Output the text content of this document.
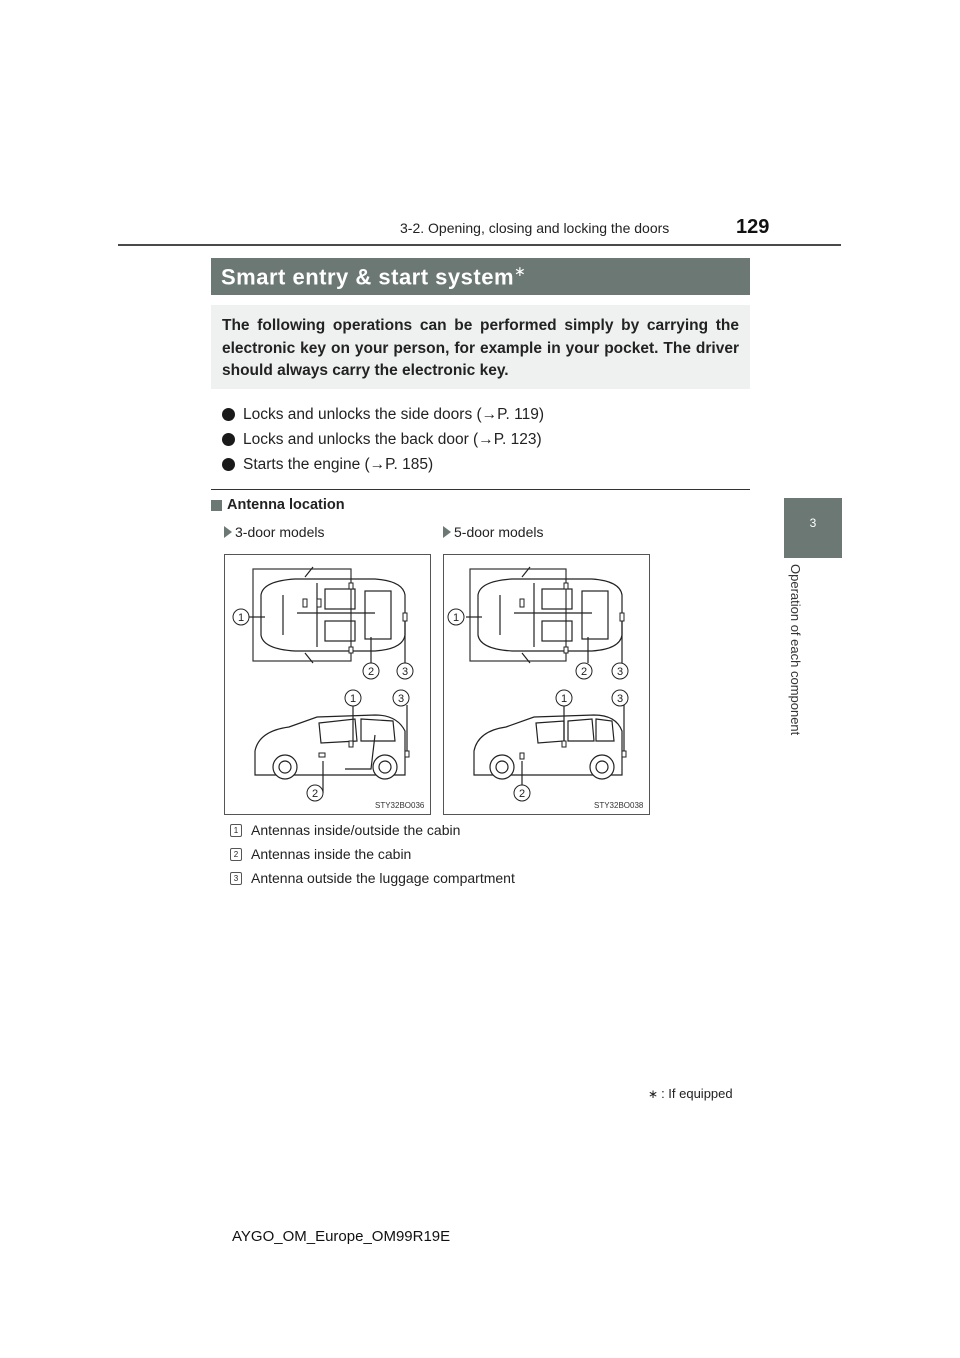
3-2. Opening, closing and locking the doors	129
3
Operation of each component
Smart entry & start system∗
The following operations can be performed simply by carrying the electronic key on your person, for example in your pocket. The driver should always carry the electronic key.
Locks and unlocks the side doors (→P. 119)
Locks and unlocks the back door (→P. 123)
Starts the engine (→P. 185)
Antenna location
3-door models	5-door models
1
2	3
1	3
2
STY32BO036
1
2	3
1	3
2
STY32BO038
1 Antennas inside/outside the cabin
2 Antennas inside the cabin
3 Antenna outside the luggage compartment
∗ : If equipped
AYGO_OM_Europe_OM99R19E
